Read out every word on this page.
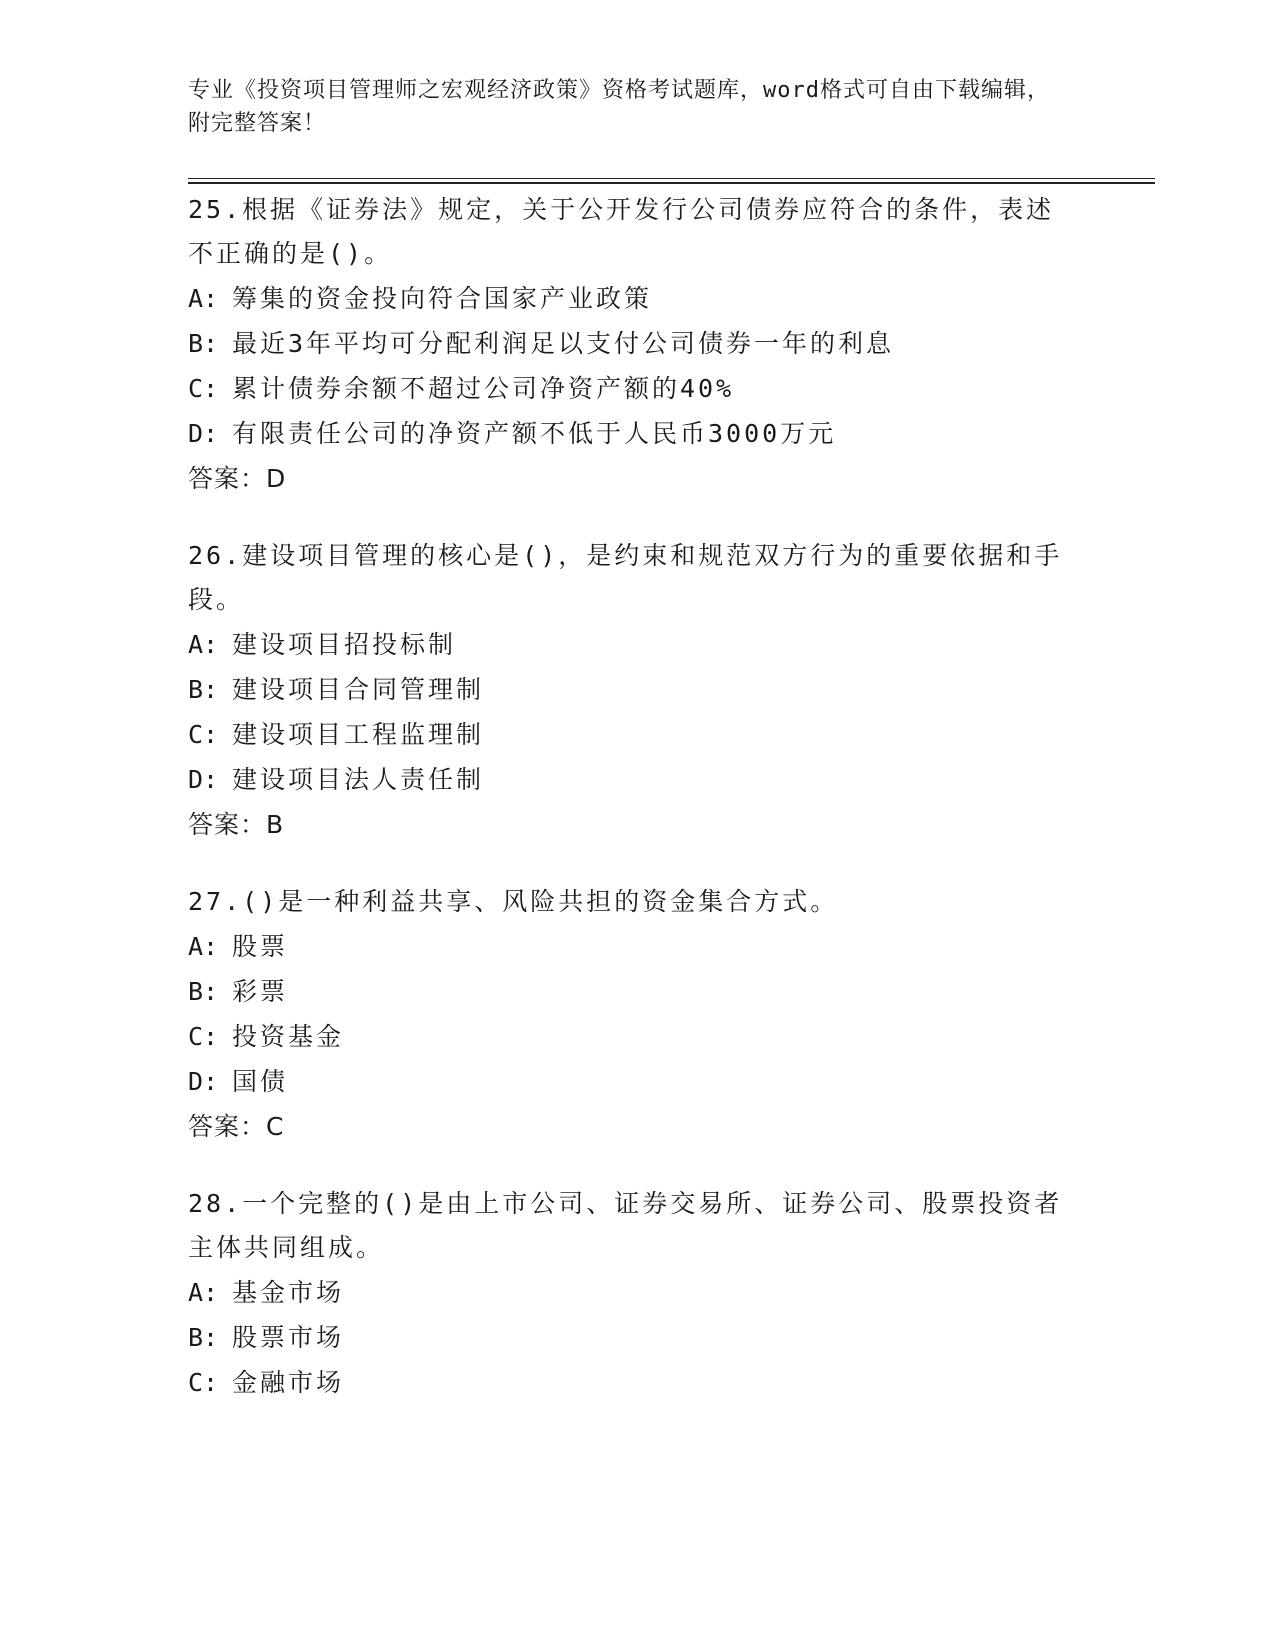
专业《投资项目管理师之宏观经济政策》资格考试题库，word格式可自由下载编辑，附完整答案！

25.根据《证券法》规定，关于公开发行公司债券应符合的条件，表述不正确的是()。

A: 筹集的资金投向符合国家产业政策

B: 最近3年平均可分配利润足以支付公司债券一年的利息

C: 累计债券余额不超过公司净资产额的40%

D: 有限责任公司的净资产额不低于人民币3000万元

答案：D

26.建设项目管理的核心是()，是约束和规范双方行为的重要依据和手段。

A: 建设项目招投标制

B: 建设项目合同管理制

C: 建设项目工程监理制

D: 建设项目法人责任制

答案：B

27.()是一种利益共享、风险共担的资金集合方式。

A: 股票

B: 彩票

C: 投资基金

D: 国债

答案：C

28.一个完整的()是由上市公司、证券交易所、证券公司、股票投资者主体共同组成。

A: 基金市场

B: 股票市场

C: 金融市场
